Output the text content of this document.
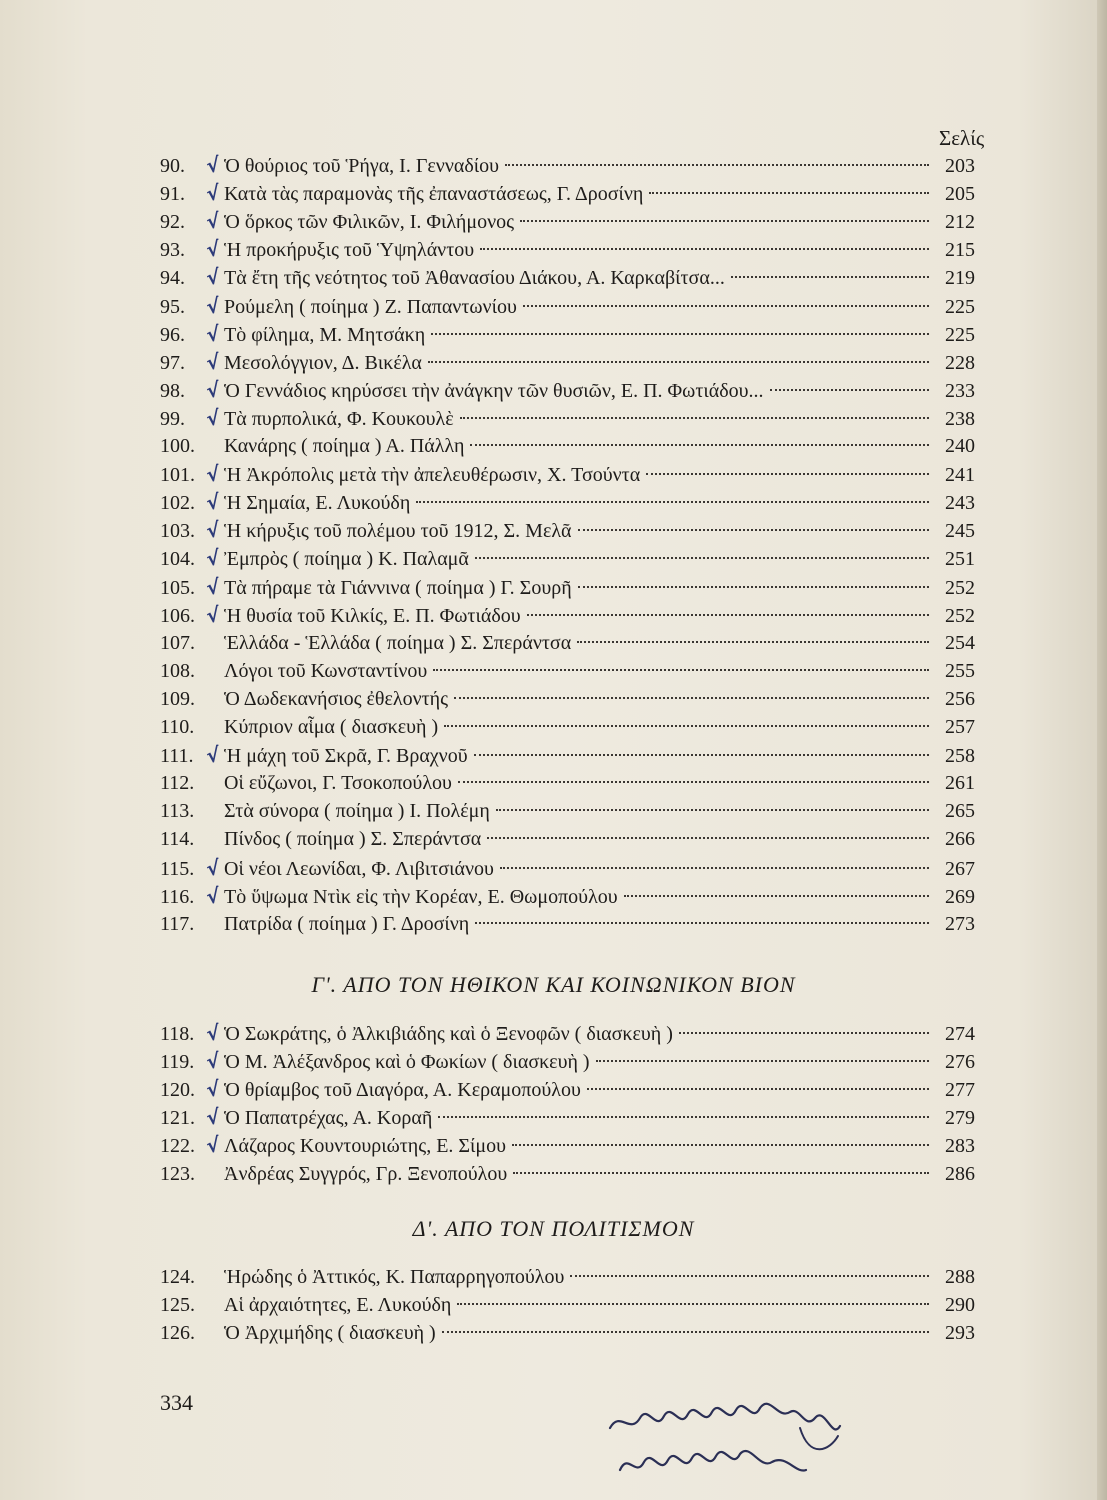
Σελίς
90. √ Ὁ θούριος τοῦ Ῥήγα, Ι. Γενναδίου	203
91. √ Κατὰ τὰς παραμονὰς τῆς ἐπαναστάσεως, Γ. Δροσίνη	205
92. √ Ὁ ὅρκος τῶν Φιλικῶν, Ι. Φιλήμονος	212
93. √ Ἡ προκήρυξις τοῦ Ὑψηλάντου	215
94. √ Τὰ ἔτη τῆς νεότητος τοῦ Ἀθανασίου Διάκου, Α. Καρκαβίτσα...	219
95. √ Ρούμελη ( ποίημα ) Ζ. Παπαντωνίου	225
96. √ Τὸ φίλημα, Μ. Μητσάκη	225
97. √ Μεσολόγγιον, Δ. Βικέλα	228
98. √ Ὁ Γεννάδιος κηρύσσει τὴν ἀνάγκην τῶν θυσιῶν, Ε. Π. Φωτιάδου...	233
99. √ Τὰ πυρπολικά, Φ. Κουκουλὲ	238
100.	Κανάρης ( ποίημα ) Α. Πάλλη	240
101. √ Ἡ Ἀκρόπολις μετὰ τὴν ἀπελευθέρωσιν, Χ. Τσούντα	241
102. √ Ἡ Σημαία, Ε. Λυκούδη	243
103. √ Ἡ κήρυξις τοῦ πολέμου τοῦ 1912, Σ. Μελᾶ	245
104. √ Ἐμπρὸς ( ποίημα ) Κ. Παλαμᾶ	251
105. √ Τὰ πήραμε τὰ Γιάννινα ( ποίημα ) Γ. Σουρῆ	252
106. √ Ἡ θυσία τοῦ Κιλκίς, Ε. Π. Φωτιάδου	252
107.	Ἑλλάδα - Ἑλλάδα ( ποίημα ) Σ. Σπεράντσα	254
108.	Λόγοι τοῦ Κωνσταντίνου	255
109.	Ὁ Δωδεκανήσιος ἐθελοντής	256
110.	Κύπριον αἷμα ( διασκευὴ )	257
111. √ Ἡ μάχη τοῦ Σκρᾶ, Γ. Βραχνοῦ	258
112.	Οἱ εὔζωνοι, Γ. Τσοκοπούλου	261
113.	Στὰ σύνορα ( ποίημα ) Ι. Πολέμη	265
114.	Πίνδος ( ποίημα ) Σ. Σπεράντσα	266
115. √ Οἱ νέοι Λεωνίδαι, Φ. Λιβιτσιάνου	267
116. √ Τὸ ὕψωμα Ντὶκ εἰς τὴν Κορέαν, Ε. Θωμοπούλου	269
117.	Πατρίδα ( ποίημα ) Γ. Δροσίνη	273
Γ'. ΑΠΟ ΤΟΝ ΗΘΙΚΟΝ ΚΑΙ ΚΟΙΝΩΝΙΚΟΝ ΒΙΟΝ
118. √ Ὁ Σωκράτης, ὁ Ἀλκιβιάδης καὶ ὁ Ξενοφῶν ( διασκευὴ )	274
119. √ Ὁ Μ. Ἀλέξανδρος καὶ ὁ Φωκίων ( διασκευὴ )	276
120. √ Ὁ θρίαμβος τοῦ Διαγόρα, Α. Κεραμοπούλου	277
121. √ Ὁ Παπατρέχας, Α. Κοραῆ	279
122. √ Λάζαρος Κουντουριώτης, Ε. Σίμου	283
123.	Ἀνδρέας Συγγρός, Γρ. Ξενοπούλου	286
Δ'. ΑΠΟ ΤΟΝ ΠΟΛΙΤΙΣΜΟΝ
124.	Ἡρώδης ὁ Ἀττικός, Κ. Παπαρρηγοπούλου	288
125.	Αἱ ἀρχαιότητες, Ε. Λυκούδη	290
126.	Ὁ Ἀρχιμήδης ( διασκευὴ )	293
334
